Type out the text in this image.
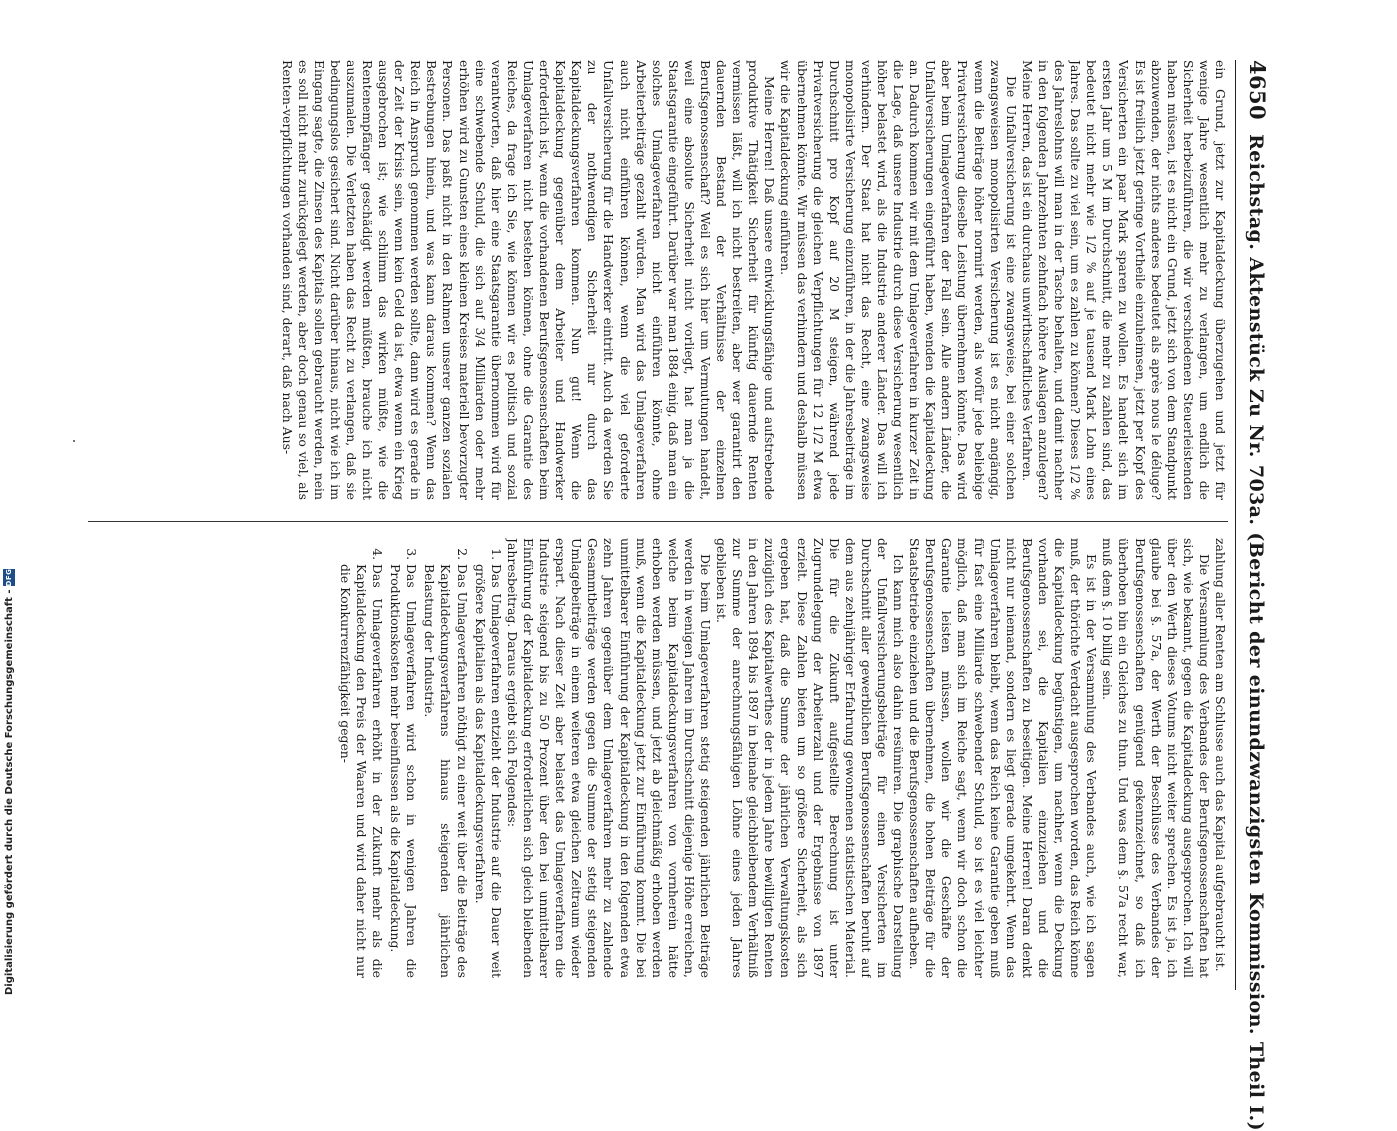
Digitalisierung gefördert durch die Deutsche Forschungsgemeinschaft -
DFG
4650
Reichstag. Aktenstück Zu Nr. 703a. (Bericht der einundzwanzigsten Kommission. Theil I.)

ein Grund, jetzt zur Kapitaldeckung überzugehen und jetzt für wenige Jahre wesentlich mehr zu verlangen, um endlich die Sicherheit herbeizuführen, die wir verschiedenen Steuerleistenden haben müssen, ist es nicht ein Grund, jetzt sich von dem Standpunkt abzuwenden, der nichts anderes bedeutet als après nous le déluge? Es ist freilich jetzt geringe Vortheile einzuheimsen, jetzt per Kopf des Versicherten ein paar Mark sparen zu wollen. Es handelt sich im ersten Jahr um 5 M im Durchschnitt, die mehr zu zahlen sind, das bedeutet nicht mehr wie 1/2 % auf je tausend Mark Lohn eines Jahres. Das sollte zu viel sein, um es zahlen zu können? Dieses 1/2 % des Jahreslohns will man in der Tasche behalten, und damit nachher in den folgenden Jahrzehnten zehnfach höhere Auslagen anzulegen? Meine Herren, das ist ein durchaus unwirthschaftliches Verfahren.

Die Unfallversicherung ist eine zwangsweise, bei einer solchen zwangsweisen monopolisirten Versicherung ist es nicht angängig, wenn die Beiträge höher normirt werden, als wofür jede beliebige Privatversicherung dieselbe Leistung übernehmen könnte. Das wird aber beim Umlageverfahren der Fall sein. Alle andern Länder, die Unfallversicherungen eingeführt haben, wenden die Kapitaldeckung an. Dadurch kommen wir mit dem Umlageverfahren in kurzer Zeit in die Lage, daß unsere Industrie durch diese Versicherung wesentlich höher belastet wird, als die Industrie anderer Länder. Das will ich verhindern. Der Staat hat nicht das Recht, eine zwangsweise monopolisirte Versicherung einzuführen, in der die Jahresbeiträge im Durchschnitt pro Kopf auf 20 M steigen, während jede Privatversicherung die gleichen Verpflichtungen für 12 1/2 M etwa übernehmen könnte. Wir müssen das verhindern und deshalb müssen wir die Kapitaldeckung einführen.

Meine Herren! Daß unsere entwicklungsfähige und aufstrebende produktive Thätigkeit Sicherheit für künftig dauernde Renten vermissen läßt, will ich nicht bestreiten, aber wer garantirt den dauernden Bestand der Verhältnisse der einzelnen Berufsgenossenschaft? Weil es sich hier um Vermutungen handelt, weil eine absolute Sicherheit nicht vorliegt, hat man ja die Staatsgarantie eingeführt. Darüber war man 1884 einig, daß man ein solches Umlageverfahren nicht einführen könnte, ohne Arbeiterbeiträge gezahlt würden. Man wird das Umlageverfahren auch nicht einführen können, wenn die viel geforderte Unfallversicherung für die Handwerker eintritt. Auch da werden Sie zu der nothwendigen Sicherheit nur durch das Kapitaldeckungsverfahren kommen. Nun gut! Wenn die Kapitaldeckung gegenüber dem Arbeiter und Handwerker erforderlich ist, wenn die vorhandenen Berufsgenossenschaften beim Umlageverfahren nicht bestehen können, ohne die Garantie des Reiches, da frage ich Sie, wie können wir es politisch und sozial verantworten, daß hier eine Staatsgarantie übernommen wird für eine schwebende Schuld, die sich auf 3/4 Milliarden oder mehr erhöhen wird zu Gunsten eines kleinen Kreises materiell bevorzugter Personen. Das paßt nicht in den Rahmen unserer ganzen sozialen Bestrebungen hinein, und was kann daraus kommen? Wenn das Reich in Anspruch genommen werden sollte, dann wird es gerade in der Zeit der Krisis sein, wenn kein Geld da ist, etwa wenn ein Krieg ausgebrochen ist; wie schlimm das wirken müßte, wie die Rentenempfänger geschädigt werden müßten, brauche ich nicht auszumalen. Die Verletzten haben das Recht zu verlangen, daß sie bedingungslos gesichert sind. Nicht darüber hinaus, nicht wie ich im Eingang sagte, die Zinsen des Kapitals sollen gebraucht werden, nein es soll nicht mehr zurückgelegt werden, aber doch genau so viel, als Renten-verpflichtungen vorhanden sind, derart, daß nach Aus-

zahlung aller Renten am Schlusse auch das Kapital aufgebraucht ist.

Die Versammlung des Verbandes der Berufsgenossenschaften hat sich, wie bekannt, gegen die Kapitaldeckung ausgesprochen. Ich will über den Werth dieses Votums nicht weiter sprechen. Es ist ja, ich glaube bei §. 57a, der Werth der Beschlüsse des Verbandes der Berufsgenossenschaften genügend gekennzeichnet, so daß ich überhoben bin ein Gleiches zu thun. Und was dem §. 57a recht war, muß dem §. 10 billig sein.

Es ist in der Versammlung des Verbandes auch, wie ich sagen muß, der thörichte Verdacht ausgesprochen worden, das Reich könne die Kapitaldeckung begünstigen, um nachher, wenn die Deckung vorhanden sei, die Kapitalien einzuziehen und die Berufsgenossenschaften zu beseitigen. Meine Herren! Daran denkt nicht nur niemand, sondern es liegt gerade umgekehrt. Wenn das Umlageverfahren bleibt, wenn das Reich keine Garantie geben muß für fast eine Milliarde schwebender Schuld, so ist es viel leichter möglich, daß man sich im Reiche sagt, wenn wir doch schon die Garantie leisten müssen, wollen wir die Geschäfte der Berufsgenossenschaften übernehmen, die hohen Beiträge für die Staatsbetriebe einziehen und die Berufsgenossenschaften aufheben.

Ich kann mich also dahin resümiren. Die graphische Darstellung der Unfallversicherungsbeiträge für einen Versicherten im Durchschnitt aller gewerblichen Berufsgenossenschaften beruht auf dem aus zehnjähriger Erfahrung gewonnenen statistischen Material. Die für die Zukunft aufgestellte Berechnung ist unter Zugrundelegung der Arbeiterzahl und der Ergebnisse von 1897 erzielt. Diese Zahlen bieten um so größere Sicherheit, als sich ergeben hat, daß die Summe der jährlichen Verwaltungskosten zuzüglich des Kapitalwerthes der in jedem Jahre bewilligten Renten in den Jahren 1894 bis 1897 in beinahe gleichbleibendem Verhältniß zur Summe der anrechnungsfähigen Löhne eines jeden Jahres geblieben ist.

Die beim Umlageverfahren stetig steigenden jährlichen Beiträge werden in wenigen Jahren im Durchschnitt diejenige Höhe erreichen, welche beim Kapitaldeckungsverfahren von vornherein hätte erhoben werden müssen, und jetzt ab gleichmäßig erhoben werden muß, wenn die Kapitaldeckung jetzt zur Einführung kommt. Die bei unmittelbarer Einführung der Kapitaldeckung in den folgenden etwa zehn Jahren gegenüber dem Umlageverfahren mehr zu zahlende Gesammtbeiträge werden gegen die Summe der stetig steigenden Umlagebeiträge in einem weiteren etwa gleichen Zeitraum wieder erspart. Nach dieser Zeit aber belastet das Umlageverfahren die Industrie steigend bis zu 50 Prozent über den bei unmittelbarer Einführung der Kapitaldeckung erforderlichen sich gleich bleibenden Jahresbeitrag. Daraus ergiebt sich Folgendes:

1. Das Umlageverfahren entzieht der Industrie auf die Dauer weit größere Kapitalien als das Kapitaldeckungsverfahren.
2. Das Umlageverfahren nöthigt zu einer weit über die Beiträge des Kapitaldeckungsverfahrens hinaus steigenden jährlichen Belastung der Industrie.
3. Das Umlageverfahren wird schon in wenigen Jahren die Produktionskosten mehr beeinflussen als die Kapitaldeckung.
4. Das Umlageverfahren erhöht in der Zukunft mehr als die Kapitaldeckung den Preis der Waaren und wird daher nicht nur die Konkurrenzfähigkeit gegen-
